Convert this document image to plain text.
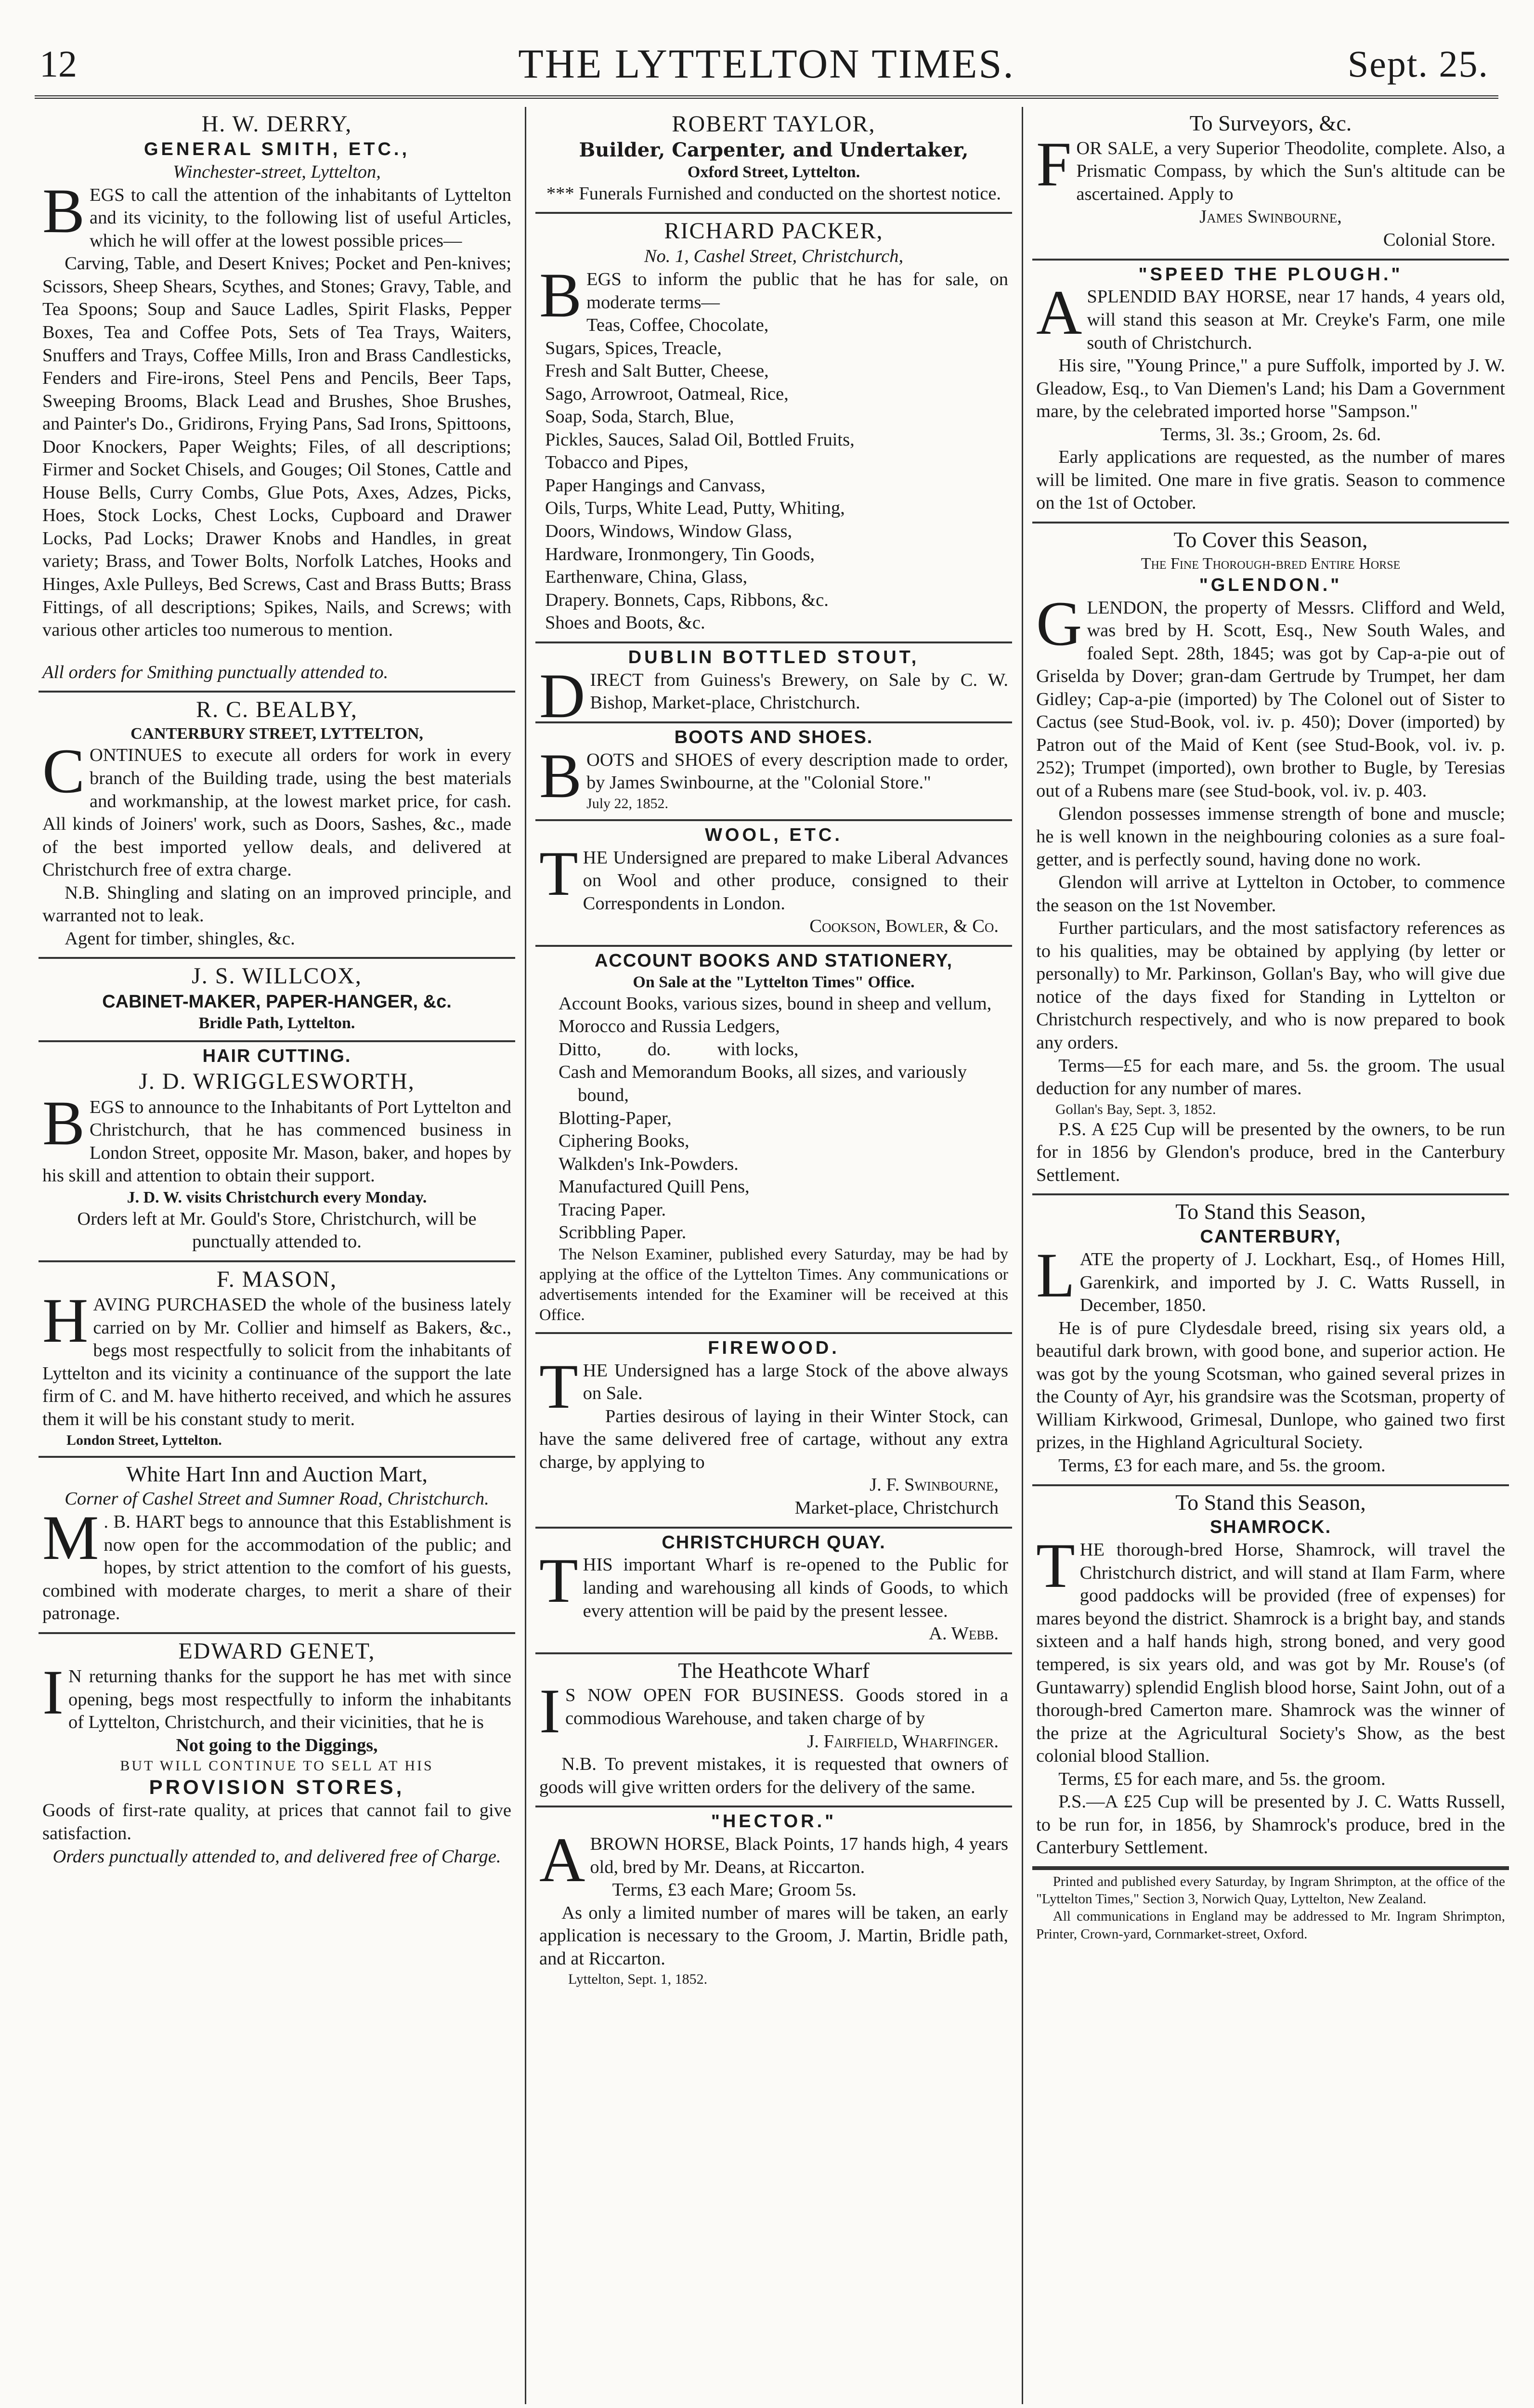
12	THE LYTTELTON TIMES.	Sept. 25.

H. W. DERRY,

GENERAL SMITH, ETC.,

Winchester-street, Lyttelton,

BEGS to call the attention of the inhabitants of Lyttelton and its vicinity, to the following list of useful Articles, which he will offer at the lowest possible prices—

Carving, Table, and Desert Knives; Pocket and Pen-knives; Scissors, Sheep Shears, Scythes, and Stones; Gravy, Table, and Tea Spoons; Soup and Sauce Ladles, Spirit Flasks, Pepper Boxes, Tea and Coffee Pots, Sets of Tea Trays, Waiters, Snuffers and Trays, Coffee Mills, Iron and Brass Candlesticks, Fenders and Fire-irons, Steel Pens and Pencils, Beer Taps, Sweeping Brooms, Black Lead and Brushes, Shoe Brushes, and Painter's Do., Gridirons, Frying Pans, Sad Irons, Spittoons, Door Knockers, Paper Weights; Files, of all descriptions; Firmer and Socket Chisels, and Gouges; Oil Stones, Cattle and House Bells, Curry Combs, Glue Pots, Axes, Adzes, Picks, Hoes, Stock Locks, Chest Locks, Cupboard and Drawer Locks, Pad Locks; Drawer Knobs and Handles, in great variety; Brass, and Tower Bolts, Norfolk Latches, Hooks and Hinges, Axle Pulleys, Bed Screws, Cast and Brass Butts; Brass Fittings, of all descriptions; Spikes, Nails, and Screws; with various other articles too numerous to mention.

All orders for Smithing punctually attended to.

R. C. BEALBY,

CANTERBURY STREET, LYTTELTON,

CONTINUES to execute all orders for work in every branch of the Building trade, using the best materials and workmanship, at the lowest market price, for cash. All kinds of Joiners' work, such as Doors, Sashes, &c., made of the best imported yellow deals, and delivered at Christchurch free of extra charge.

N.B. Shingling and slating on an improved principle, and warranted not to leak.

Agent for timber, shingles, &c.

J. S. WILLCOX,

CABINET-MAKER, PAPER-HANGER, &c.

Bridle Path, Lyttelton.

HAIR CUTTING.

J. D. WRIGGLESWORTH,

BEGS to announce to the Inhabitants of Port Lyttelton and Christchurch, that he has commenced business in London Street, opposite Mr. Mason, baker, and hopes by his skill and attention to obtain their support.

J. D. W. visits Christchurch every Monday.

Orders left at Mr. Gould's Store, Christchurch, will be punctually attended to.

F. MASON,

HAVING PURCHASED the whole of the business lately carried on by Mr. Collier and himself as Bakers, &c., begs most respectfully to solicit from the inhabitants of Lyttelton and its vicinity a continuance of the support the late firm of C. and M. have hitherto received, and which he assures them it will be his constant study to merit.

London Street, Lyttelton.

White Hart Inn and Auction Mart,

Corner of Cashel Street and Sumner Road, Christchurch.

M . B. HART begs to announce that this Establishment is now open for the accommodation of the public; and hopes, by strict attention to the comfort of his guests, combined with moderate charges, to merit a share of their patronage.

EDWARD GENET,

I N returning thanks for the support he has met with since opening, begs most respectfully to inform the inhabitants of Lyttelton, Christchurch, and their vicinities, that he is

Not going to the Diggings,

BUT WILL CONTINUE TO SELL AT HIS

PROVISION STORES,

Goods of first-rate quality, at prices that cannot fail to give satisfaction.

Orders punctually attended to, and delivered free of Charge.

ROBERT TAYLOR,

Builder, Carpenter, and Undertaker,

Oxford Street, Lyttelton.

*** Funerals Furnished and conducted on the shortest notice.

RICHARD PACKER,

No. 1, Cashel Street, Christchurch,

BEGS to inform the public that he has for sale, on moderate terms—

Teas, Coffee, Chocolate,
Sugars, Spices, Treacle,
Fresh and Salt Butter, Cheese,
Sago, Arrowroot, Oatmeal, Rice,
Soap, Soda, Starch, Blue,
Pickles, Sauces, Salad Oil, Bottled Fruits,
Tobacco and Pipes,
Paper Hangings and Canvass,
Oils, Turps, White Lead, Putty, Whiting,
Doors, Windows, Window Glass,
Hardware, Ironmongery, Tin Goods,
Earthenware, China, Glass,
Drapery. Bonnets, Caps, Ribbons, &c.
Shoes and Boots, &c.

DUBLIN BOTTLED STOUT,

DIRECT from Guiness's Brewery, on Sale by C. W. Bishop, Market-place, Christchurch.

BOOTS AND SHOES.

BOOTS and SHOES of every description made to order, by James Swinbourne, at the "Colonial Store."

July 22, 1852.

WOOL, ETC.

THE Undersigned are prepared to make Liberal Advances on Wool and other produce, consigned to their Correspondents in London.

Cookson, Bowler, & Co.

ACCOUNT BOOKS AND STATIONERY,

On Sale at the "Lyttelton Times" Office.

Account Books, various sizes, bound in sheep and vellum,
Morocco and Russia Ledgers,
Ditto,          do.          with locks,
Cash and Memorandum Books, all sizes, and variously bound,
Blotting-Paper,
Ciphering Books,
Walkden's Ink-Powders.
Manufactured Quill Pens,
Tracing Paper.
Scribbling Paper.

The Nelson Examiner, published every Saturday, may be had by applying at the office of the Lyttelton Times. Any communications or advertisements intended for the Examiner will be received at this Office.

FIREWOOD.

THE Undersigned has a large Stock of the above always on Sale.

Parties desirous of laying in their Winter Stock, can have the same delivered free of cartage, without any extra charge, by applying to

J. F. Swinbourne,

Market-place, Christchurch

CHRISTCHURCH QUAY.

THIS important Wharf is re-opened to the Public for landing and warehousing all kinds of Goods, to which every attention will be paid by the present lessee.

A. Webb.

The Heathcote Wharf

I S NOW OPEN FOR BUSINESS. Goods stored in a commodious Warehouse, and taken charge of by

J. Fairfield, Wharfinger.

N.B. To prevent mistakes, it is requested that owners of goods will give written orders for the delivery of the same.

"HECTOR."

ABROWN HORSE, Black Points, 17 hands high, 4 years old, bred by Mr. Deans, at Riccarton.

Terms, £3 each Mare; Groom 5s.

As only a limited number of mares will be taken, an early application is necessary to the Groom, J. Martin, Bridle path, and at Riccarton.

Lyttelton, Sept. 1, 1852.

To Surveyors, &c.

FOR SALE, a very Superior Theodolite, complete. Also, a Prismatic Compass, by which the Sun's altitude can be ascertained. Apply to

James Swinbourne,

Colonial Store.

"SPEED THE PLOUGH."

ASPLENDID BAY HORSE, near 17 hands, 4 years old, will stand this season at Mr. Creyke's Farm, one mile south of Christchurch.

His sire, "Young Prince," a pure Suffolk, imported by J. W. Gleadow, Esq., to Van Diemen's Land; his Dam a Government mare, by the celebrated imported horse "Sampson."

Terms, 3l. 3s.; Groom, 2s. 6d.

Early applications are requested, as the number of mares will be limited. One mare in five gratis. Season to commence on the 1st of October.

To Cover this Season,

The Fine Thorough-bred Entire Horse

"GLENDON."

GLENDON, the property of Messrs. Clifford and Weld, was bred by H. Scott, Esq., New South Wales, and foaled Sept. 28th, 1845; was got by Cap-a-pie out of Griselda by Dover; gran-dam Gertrude by Trumpet, her dam Gidley; Cap-a-pie (imported) by The Colonel out of Sister to Cactus (see Stud-Book, vol. iv. p. 450); Dover (imported) by Patron out of the Maid of Kent (see Stud-Book, vol. iv. p. 252); Trumpet (imported), own brother to Bugle, by Teresias out of a Rubens mare (see Stud-book, vol. iv. p. 403.

Glendon possesses immense strength of bone and muscle; he is well known in the neighbouring colonies as a sure foal-getter, and is perfectly sound, having done no work.

Glendon will arrive at Lyttelton in October, to commence the season on the 1st November.

Further particulars, and the most satisfactory references as to his qualities, may be obtained by applying (by letter or personally) to Mr. Parkinson, Gollan's Bay, who will give due notice of the days fixed for Standing in Lyttelton or Christchurch respectively, and who is now prepared to book any orders.

Terms—£5 for each mare, and 5s. the groom. The usual deduction for any number of mares.

Gollan's Bay, Sept. 3, 1852.

P.S. A £25 Cup will be presented by the owners, to be run for in 1856 by Glendon's produce, bred in the Canterbury Settlement.

To Stand this Season,

CANTERBURY,

LATE the property of J. Lockhart, Esq., of Homes Hill, Garenkirk, and imported by J. C. Watts Russell, in December, 1850.

He is of pure Clydesdale breed, rising six years old, a beautiful dark brown, with good bone, and superior action. He was got by the young Scotsman, who gained several prizes in the County of Ayr, his grandsire was the Scotsman, property of William Kirkwood, Grimesal, Dunlope, who gained two first prizes, in the Highland Agricultural Society.

Terms, £3 for each mare, and 5s. the groom.

To Stand this Season,

SHAMROCK.

THE thorough-bred Horse, Shamrock, will travel the Christchurch district, and will stand at Ilam Farm, where good paddocks will be provided (free of expenses) for mares beyond the district. Shamrock is a bright bay, and stands sixteen and a half hands high, strong boned, and very good tempered, is six years old, and was got by Mr. Rouse's (of Guntawarry) splendid English blood horse, Saint John, out of a thorough-bred Camerton mare. Shamrock was the winner of the prize at the Agricultural Society's Show, as the best colonial blood Stallion.

Terms, £5 for each mare, and 5s. the groom.

P.S.—A £25 Cup will be presented by J. C. Watts Russell, to be run for, in 1856, by Shamrock's produce, bred in the Canterbury Settlement.

Printed and published every Saturday, by Ingram Shrimpton, at the office of the "Lyttelton Times," Section 3, Norwich Quay, Lyttelton, New Zealand.

All communications in England may be addressed to Mr. Ingram Shrimpton, Printer, Crown-yard, Cornmarket-street, Oxford.
